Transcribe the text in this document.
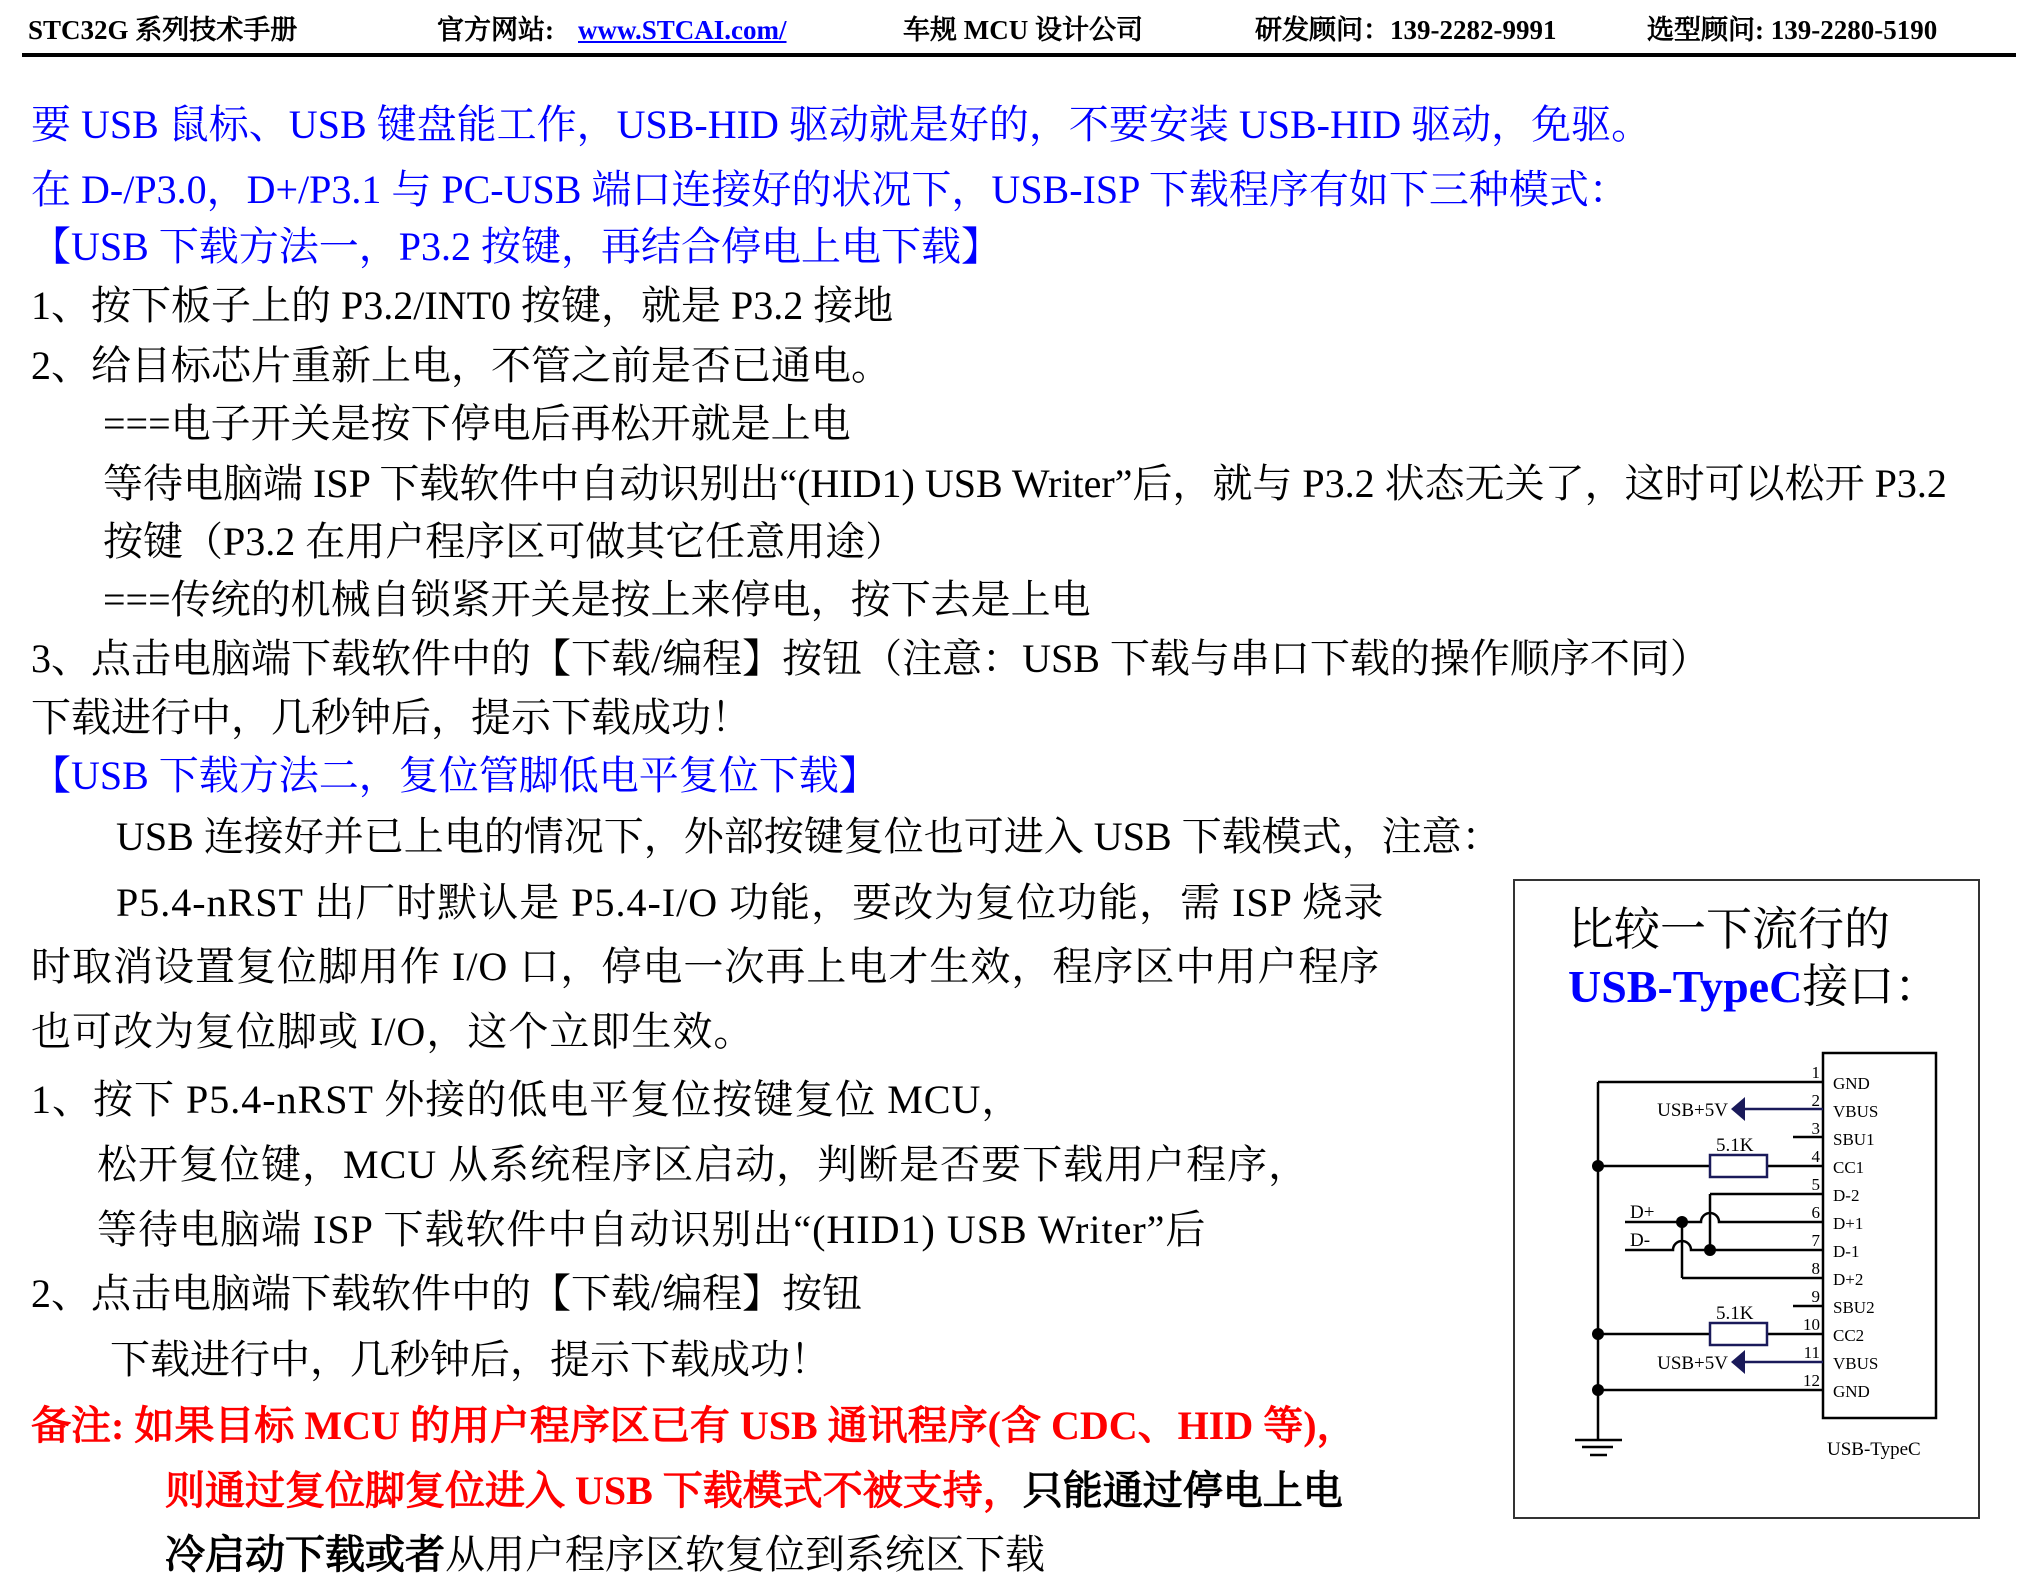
STC32G 系列技术手册	官方网站: www.STCAI.com/	车规 MCU 设计公司	研发顾问：139-2282-9991	选型顾问: 139-2280-5190
要 USB 鼠标、USB 键盘能工作，USB-HID 驱动就是好的，不要安装 USB-HID 驱动，免驱。
在 D-/P3.0，D+/P3.1 与 PC-USB 端口连接好的状况下，USB-ISP 下载程序有如下三种模式：
【USB 下载方法一，P3.2 按键，再结合停电上电下载】
1、按下板子上的 P3.2/INT0 按键，就是 P3.2 接地
2、给目标芯片重新上电，不管之前是否已通电。
===电子开关是按下停电后再松开就是上电
等待电脑端 ISP 下载软件中自动识别出“(HID1) USB Writer”后，就与 P3.2 状态无关了，这时可以松开 P3.2
按键（P3.2 在用户程序区可做其它任意用途）
===传统的机械自锁紧开关是按上来停电，按下去是上电
3、点击电脑端下载软件中的【下载/编程】按钮（注意：USB 下载与串口下载的操作顺序不同）
下载进行中，几秒钟后，提示下载成功！
【USB 下载方法二，复位管脚低电平复位下载】
USB 连接好并已上电的情况下，外部按键复位也可进入 USB 下载模式，注意：
P5.4-nRST 出厂时默认是 P5.4-I/O 功能，要改为复位功能，需 ISP 烧录
时取消设置复位脚用作 I/O 口，停电一次再上电才生效，程序区中用户程序
也可改为复位脚或 I/O，这个立即生效。
1、按下 P5.4-nRST 外接的低电平复位按键复位 MCU，
松开复位键，MCU 从系统程序区启动，判断是否要下载用户程序，
等待电脑端 ISP 下载软件中自动识别出“(HID1) USB Writer”后
2、点击电脑端下载软件中的【下载/编程】按钮
下载进行中，几秒钟后，提示下载成功！
备注: 如果目标 MCU 的用户程序区已有 USB 通讯程序(含 CDC、HID 等)，
则通过复位脚复位进入 USB 下载模式不被支持，只能通过停电上电
冷启动下载或者从用户程序区软复位到系统区下载
比较一下流行的
USB-TypeC接口：
USB+5V
USB+5V
5.1K
5.1K
D+
D-
USB-TypeC
1
GND
2
VBUS
3
SBU1
4
CC1
5
D-2
6
D+1
7
D-1
8
D+2
9
SBU2
10
CC2
11
VBUS
12
GND
